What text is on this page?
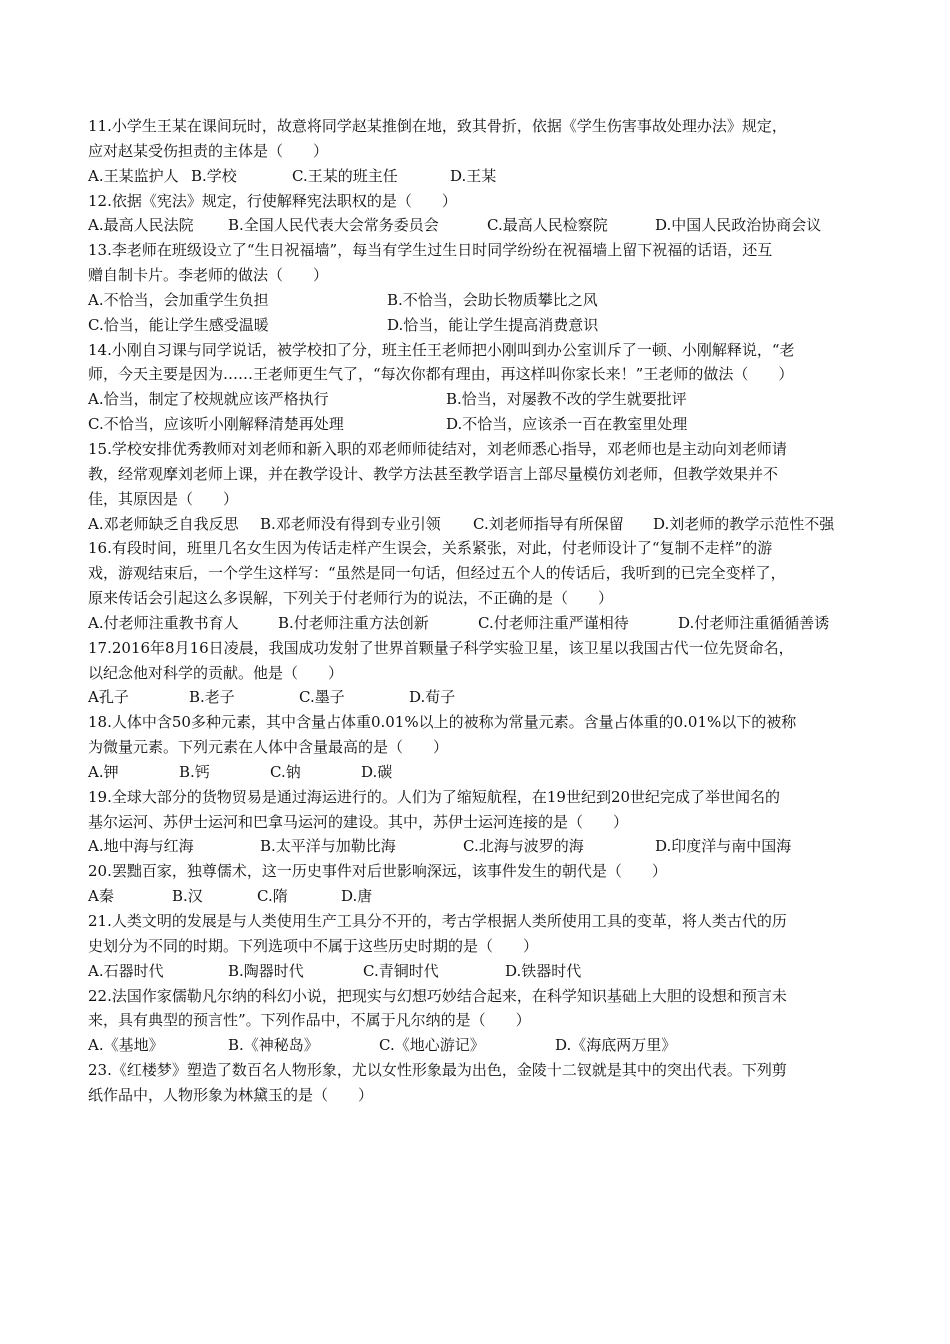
11.小学生王某在课间玩时，故意将同学赵某推倒在地，致其骨折，依据《学生伤害事故处理办法》规定，
应对赵某受伤担责的主体是（　　）
A.王某监护人 B.学校	C.王某的班主任	D.王某
12.依据《宪法》规定，行使解释宪法职权的是（　　）
A.最高人民法院	B.全国人民代表大会常务委员会	C.最高人民检察院	D.中国人民政治协商会议
13.李老师在班级设立了“生日祝福墙”，每当有学生过生日时同学纷纷在祝福墙上留下祝福的话语，还互
赠自制卡片。李老师的做法（　　）
A.不恰当，会加重学生负担	B.不恰当，会助长物质攀比之风
C.恰当，能让学生感受温暖	D.恰当，能让学生提高消费意识
14.小刚自习课与同学说话，被学校扣了分，班主任王老师把小刚叫到办公室训斥了一顿、小刚解释说，“老
师，今天主要是因为……王老师更生气了，“每次你都有理由，再这样叫你家长来！”王老师的做法（　　）
A.恰当，制定了校规就应该严格执行	B.恰当，对屡教不改的学生就要批评
C.不恰当，应该听小刚解释清楚再处理	D.不恰当，应该杀一百在教室里处理
15.学校安排优秀教师对刘老师和新入职的邓老师师徒结对，刘老师悉心指导，邓老师也是主动向刘老师请
教，经常观摩刘老师上课，并在教学设计、教学方法甚至教学语言上部尽量模仿刘老师，但教学效果并不
佳，其原因是（　　）
A.邓老师缺乏自我反思	B.邓老师没有得到专业引领	C.刘老师指导有所保留	D.刘老师的教学示范性不强
16.有段时间，班里几名女生因为传话走样产生误会，关系紧张，对此，付老师设计了“复制不走样”的游
戏，游观结束后，一个学生这样写：“虽然是同一句话，但经过五个人的传话后，我听到的已完全变样了，
原来传话会引起这么多误解，下列关于付老师行为的说法，不正确的是（　　）
A.付老师注重教书育人	B.付老师注重方法创新	C.付老师注重严谨相待	D.付老师注重循循善诱
17.2016年8月16日凌晨，我国成功发射了世界首颗量子科学实验卫星，该卫星以我国古代一位先贤命名，
以纪念他对科学的贡献。他是（　　）
A孔子	B.老子	C.墨子	D.荀子
18.人体中含50多种元素，其中含量占体重0.01%以上的被称为常量元素。含量占体重的0.01%以下的被称
为微量元素。下列元素在人体中含量最高的是（　　）
A.钾	B.钙	C.钠	D.碳
19.全球大部分的货物贸易是通过海运进行的。人们为了缩短航程，在19世纪到20世纪完成了举世闻名的
基尔运河、苏伊士运河和巴拿马运河的建设。其中，苏伊士运河连接的是（　　）
A.地中海与红海	B.太平洋与加勒比海	C.北海与波罗的海	D.印度洋与南中国海
20.罢黜百家，独尊儒术，这一历史事件对后世影响深远，该事件发生的朝代是（　　）
A秦	B.汉	C.隋	D.唐
21.人类文明的发展是与人类使用生产工具分不开的，考古学根据人类所使用工具的变革，将人类古代的历
史划分为不同的时期。下列选项中不属于这些历史时期的是（　　）
A.石器时代	B.陶器时代	C.青铜时代	D.铁器时代
22.法国作家儒勒凡尔纳的科幻小说，把现实与幻想巧妙结合起来，在科学知识基础上大胆的设想和预言未
来，具有典型的预言性”。下列作品中，不属于凡尔纳的是（　　）
A.《基地》	B.《神秘岛》	C.《地心游记》	D.《海底两万里》
23.《红楼梦》塑造了数百名人物形象，尤以女性形象最为出色，金陵十二钗就是其中的突出代表。下列剪
纸作品中，人物形象为林黛玉的是（　　）
